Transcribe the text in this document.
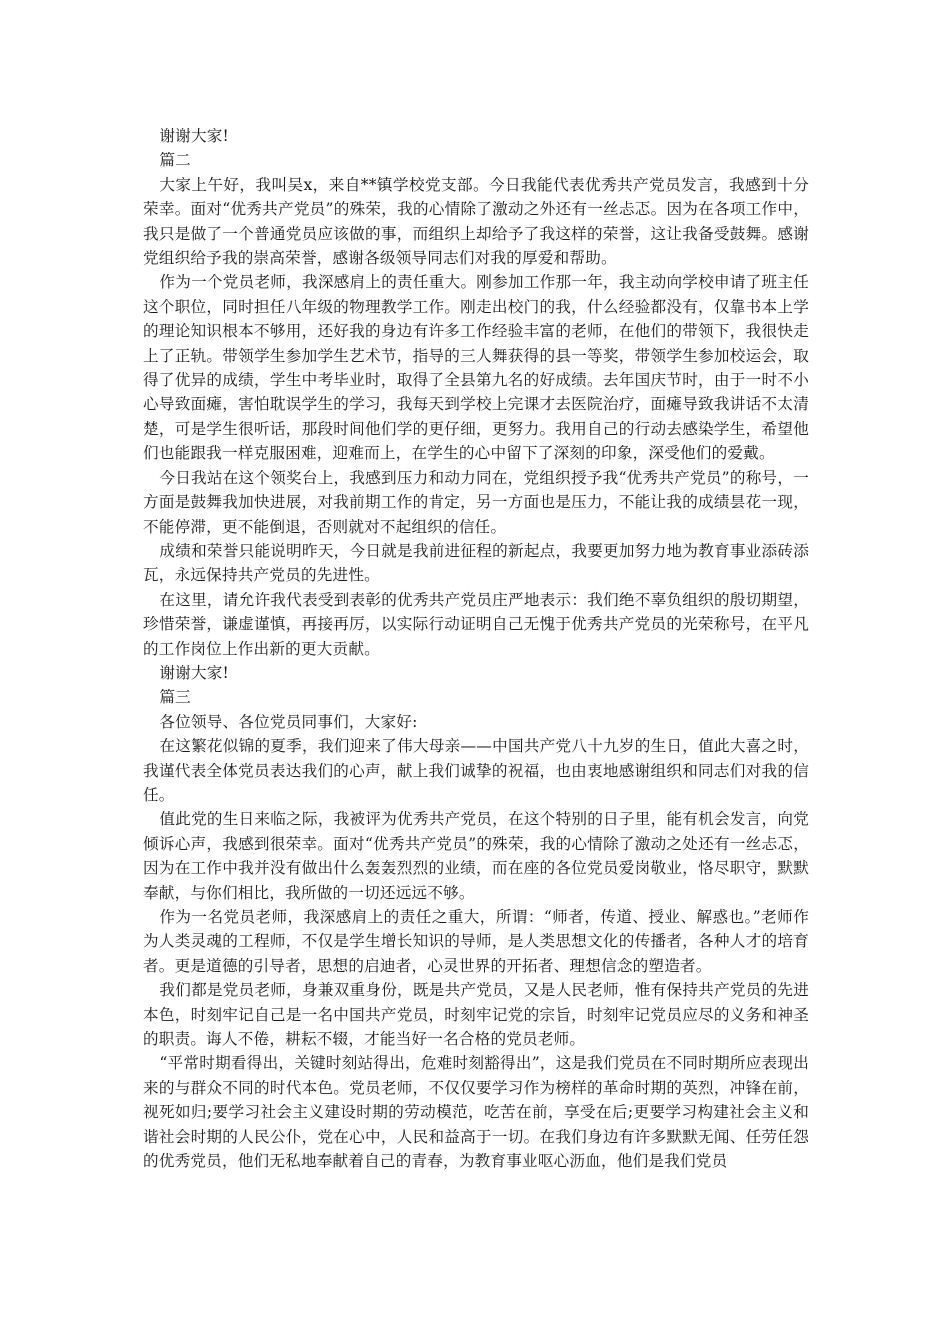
谢谢大家!

篇二

大家上午好，我叫吴x，来自**镇学校党支部。今日我能代表优秀共产党员发言，我感到十分荣幸。面对“优秀共产党员”的殊荣，我的心情除了激动之外还有一丝忐忑。因为在各项工作中，我只是做了一个普通党员应该做的事，而组织上却给予了我这样的荣誉，这让我备受鼓舞。感谢党组织给予我的崇高荣誉，感谢各级领导同志们对我的厚爱和帮助。

作为一个党员老师，我深感肩上的责任重大。刚参加工作那一年，我主动向学校申请了班主任这个职位，同时担任八年级的物理教学工作。刚走出校门的我，什么经验都没有，仅靠书本上学的理论知识根本不够用，还好我的身边有许多工作经验丰富的老师，在他们的带领下，我很快走上了正轨。带领学生参加学生艺术节，指导的三人舞获得的县一等奖，带领学生参加校运会，取得了优异的成绩，学生中考毕业时，取得了全县第九名的好成绩。去年国庆节时，由于一时不小心导致面瘫，害怕耽误学生的学习，我每天到学校上完课才去医院治疗，面瘫导致我讲话不太清楚，可是学生很听话，那段时间他们学的更仔细，更努力。我用自己的行动去感染学生，希望他们也能跟我一样克服困难，迎难而上，在学生的心中留下了深刻的印象，深受他们的爱戴。

今日我站在这个领奖台上，我感到压力和动力同在，党组织授予我“优秀共产党员”的称号，一方面是鼓舞我加快进展，对我前期工作的肯定，另一方面也是压力，不能让我的成绩昙花一现，不能停滞，更不能倒退，否则就对不起组织的信任。

成绩和荣誉只能说明昨天，今日就是我前进征程的新起点，我要更加努力地为教育事业添砖添瓦，永远保持共产党员的先进性。

在这里，请允许我代表受到表彰的优秀共产党员庄严地表示：我们绝不辜负组织的殷切期望，珍惜荣誉，谦虚谨慎，再接再厉，以实际行动证明自己无愧于优秀共产党员的光荣称号，在平凡的工作岗位上作出新的更大贡献。

谢谢大家!

篇三

各位领导、各位党员同事们，大家好:

在这繁花似锦的夏季，我们迎来了伟大母亲——中国共产党八十九岁的生日，值此大喜之时，我谨代表全体党员表达我们的心声，献上我们诚挚的祝福，也由衷地感谢组织和同志们对我的信任。

值此党的生日来临之际，我被评为优秀共产党员，在这个特别的日子里，能有机会发言，向党倾诉心声，我感到很荣幸。面对“优秀共产党员”的殊荣，我的心情除了激动之处还有一丝忐忑，因为在工作中我并没有做出什么轰轰烈烈的业绩，而在座的各位党员爱岗敬业，恪尽职守，默默奉献，与你们相比，我所做的一切还远远不够。

作为一名党员老师，我深感肩上的责任之重大，所谓：“师者，传道、授业、解惑也。”老师作为人类灵魂的工程师，不仅是学生增长知识的导师，是人类思想文化的传播者，各种人才的培育者。更是道德的引导者，思想的启迪者，心灵世界的开拓者、理想信念的塑造者。

我们都是党员老师，身兼双重身份，既是共产党员，又是人民老师，惟有保持共产党员的先进本色，时刻牢记自己是一名中国共产党员，时刻牢记党的宗旨，时刻牢记党员应尽的义务和神圣的职责。诲人不倦，耕耘不辍，才能当好一名合格的党员老师。

“平常时期看得出，关键时刻站得出，危难时刻豁得出”，这是我们党员在不同时期所应表现出来的与群众不同的时代本色。党员老师，不仅仅要学习作为榜样的革命时期的英烈，冲锋在前，视死如归;要学习社会主义建设时期的劳动模范，吃苦在前，享受在后;更要学习构建社会主义和谐社会时期的人民公仆，党在心中，人民和益高于一切。在我们身边有许多默默无闻、任劳任怨的优秀党员，他们无私地奉献着自己的青春，为教育事业呕心沥血，他们是我们党员
